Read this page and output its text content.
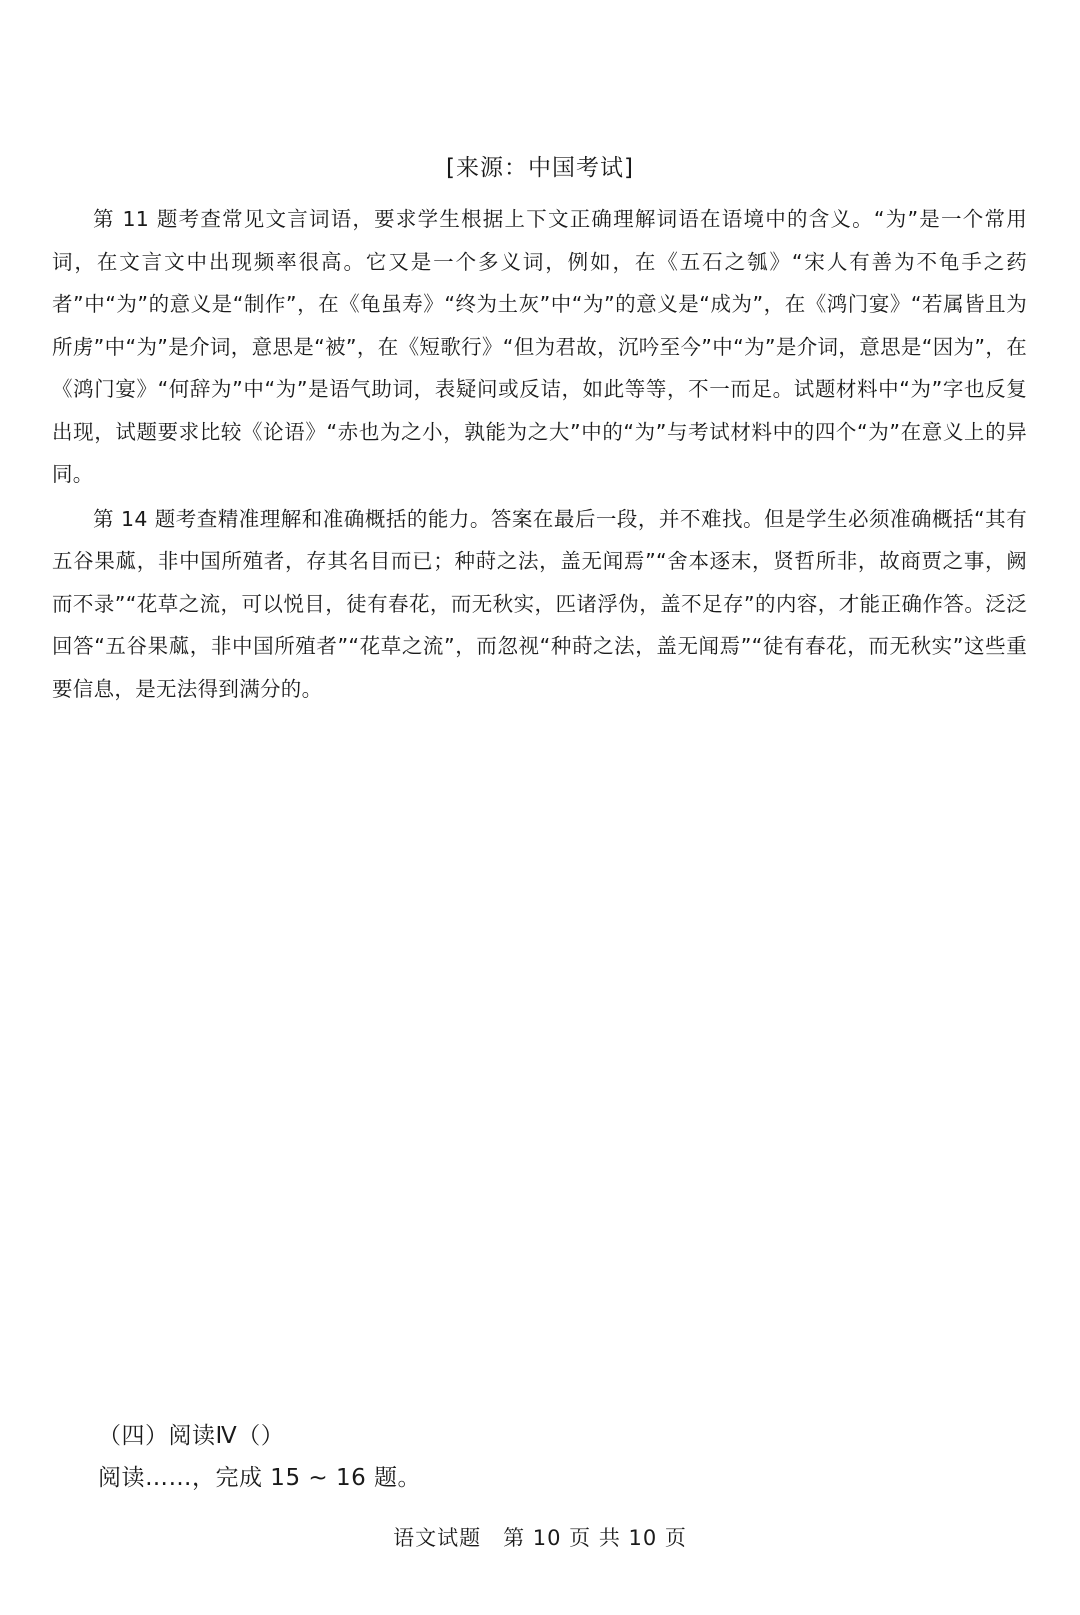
[来源：中国考试]

第 11 题考查常见文言词语，要求学生根据上下文正确理解词语在语境中的含义。“为”是一个常用词，在文言文中出现频率很高。它又是一个多义词，例如，在《五石之瓠》“宋人有善为不龟手之药者”中“为”的意义是“制作”，在《龟虽寿》“终为土灰”中“为”的意义是“成为”，在《鸿门宴》“若属皆且为所虏”中“为”是介词，意思是“被”，在《短歌行》“但为君故，沉吟至今”中“为”是介词，意思是“因为”，在《鸿门宴》“何辞为”中“为”是语气助词，表疑问或反诘，如此等等，不一而足。试题材料中“为”字也反复出现，试题要求比较《论语》“赤也为之小，孰能为之大”中的“为”与考试材料中的四个“为”在意义上的异同。

第 14 题考查精准理解和准确概括的能力。答案在最后一段，并不难找。但是学生必须准确概括“其有五谷果蓏，非中国所殖者，存其名目而已；种莳之法，盖无闻焉”“舍本逐末，贤哲所非，故商贾之事，阙而不录”“花草之流，可以悦目，徒有春花，而无秋实，匹诸浮伪，盖不足存”的内容，才能正确作答。泛泛回答“五谷果蓏，非中国所殖者”“花草之流”，而忽视“种莳之法，盖无闻焉”“徒有春花，而无秋实”这些重要信息，是无法得到满分的。

（四）阅读Ⅳ（）
阅读……，完成 15 ~ 16 题。
语文试题　第 10 页 共 10 页
